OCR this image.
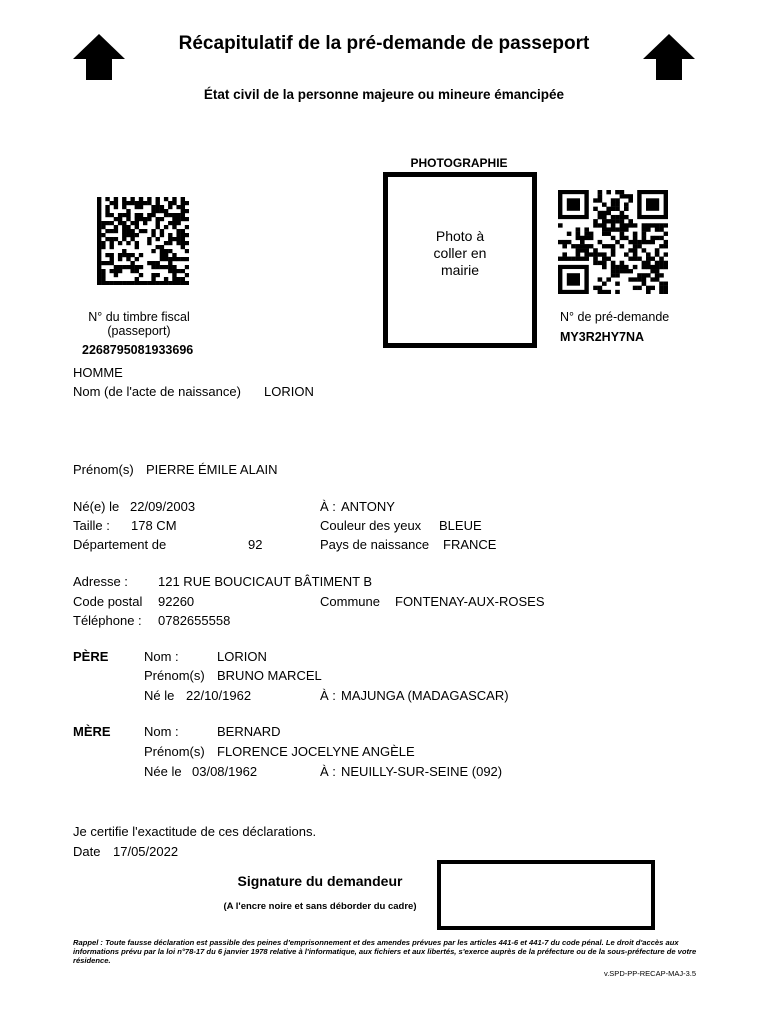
Récapitulatif de la pré-demande de passeport
État civil de la personne majeure ou mineure émancipée
PHOTOGRAPHIE
Photo à
coller en
mairie
N° du timbre fiscal
(passeport)
2268795081933696
N° de pré-demande
MY3R2HY7NA
HOMME
Nom (de l'acte de naissance) LORION
Prénom(s) PIERRE ÉMILE ALAIN
Né(e) le 22/09/2003	À : ANTONY
Taille : 178 CM	Couleur des yeux BLEUE
Département de	92	Pays de naissance FRANCE
Adresse : 121 RUE BOUCICAUT BÂTIMENT B
Code postal 92260	Commune FONTENAY-AUX-ROSES
Téléphone : 0782655558
PÈRE	Nom :	LORION
Prénom(s) BRUNO MARCEL
Né le 22/10/1962	À : MAJUNGA (MADAGASCAR)
MÈRE	Nom :	BERNARD
Prénom(s) FLORENCE JOCELYNE ANGÈLE
Née le 03/08/1962	À : NEUILLY-SUR-SEINE (092)
Je certifie l'exactitude de ces déclarations.
Date 17/05/2022
Signature du demandeur
(A l'encre noire et sans déborder du cadre)
Rappel : Toute fausse déclaration est passible des peines d'emprisonnement et des amendes prévues par les articles 441-6 et 441-7 du code pénal. Le droit d'accès aux informations prévu par la loi n°78-17 du 6 janvier 1978 relative à l'informatique, aux fichiers et aux libertés, s'exerce auprès de la préfecture ou de la sous-préfecture de votre résidence.
v.SPD-PP-RECAP-MAJ-3.5
